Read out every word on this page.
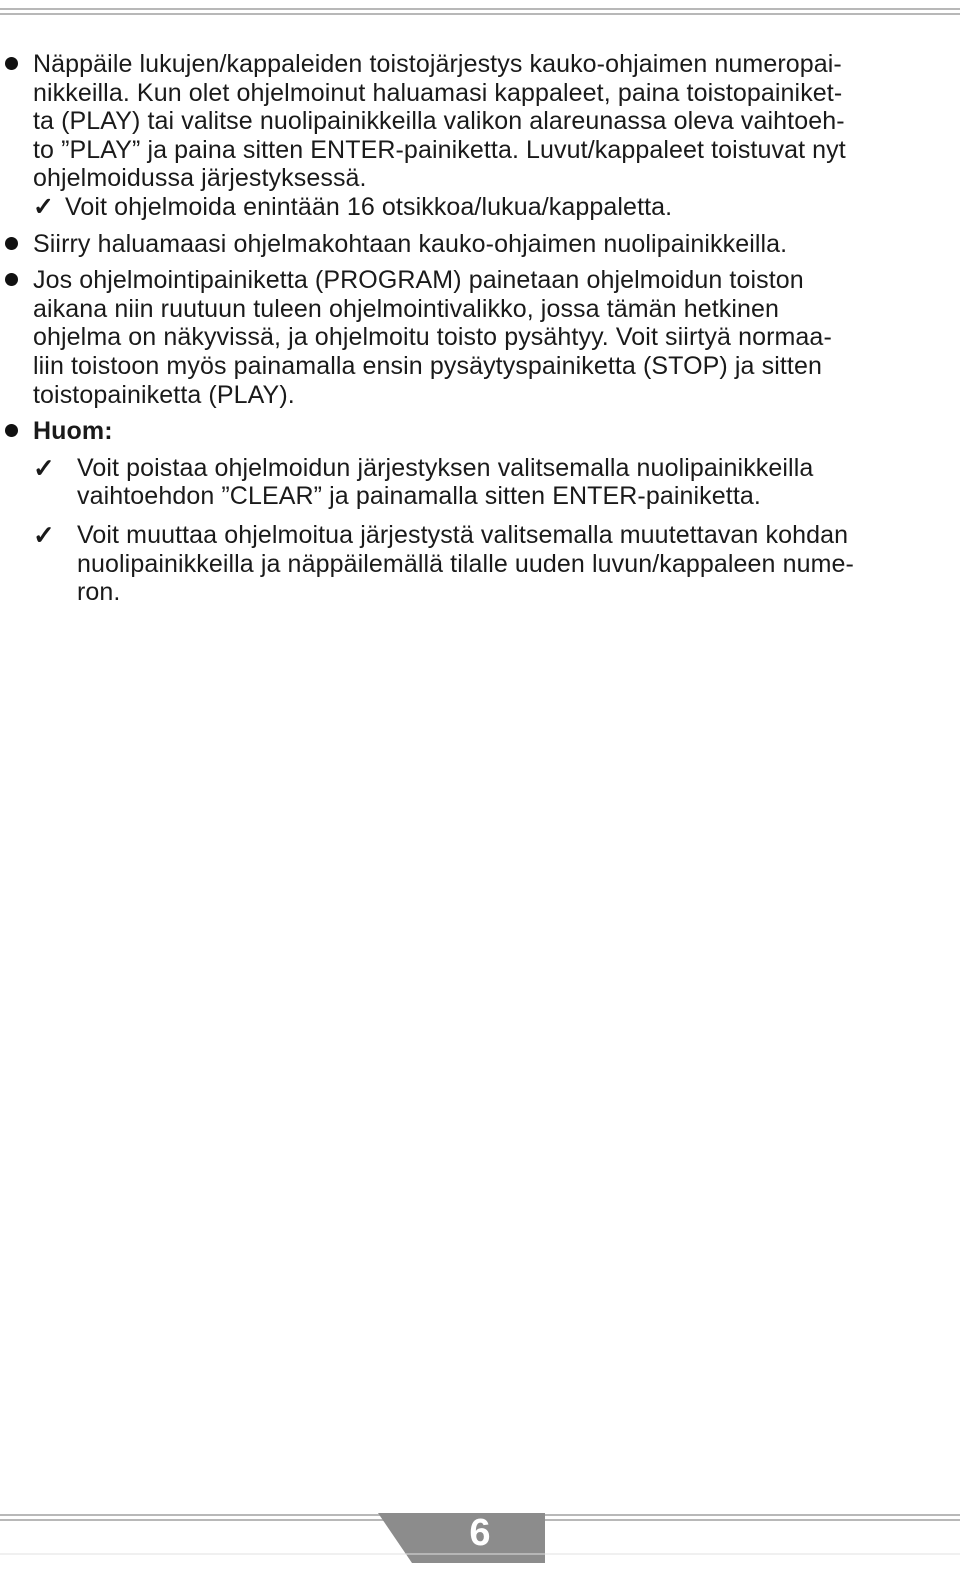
Näppäile lukujen/kappaleiden toistojärjestys kauko-ohjaimen numeropai-
nikkeilla. Kun olet ohjelmoinut haluamasi kappaleet, paina toistopainiket-
ta (PLAY) tai valitse nuolipainikkeilla valikon alareunassa oleva vaihtoeh-
to ”PLAY” ja paina sitten ENTER-painiketta. Luvut/kappaleet toistuvat nyt
ohjelmoidussa järjestyksessä.

✓ Voit ohjelmoida enintään 16 otsikkoa/lukua/kappaletta.

Siirry haluamaasi ohjelmakohtaan kauko-ohjaimen nuolipainikkeilla.

Jos ohjelmointipainiketta (PROGRAM) painetaan ohjelmoidun toiston
aikana niin ruutuun tuleen ohjelmointivalikko, jossa tämän hetkinen
ohjelma on näkyvissä, ja ohjelmoitu toisto pysähtyy. Voit siirtyä normaa-
liin toistoon myös painamalla ensin pysäytyspainiketta (STOP) ja sitten
toistopainiketta (PLAY).

Huom:

✓ Voit poistaa ohjelmoidun järjestyksen valitsemalla nuolipainikkeilla
vaihtoehdon ”CLEAR” ja painamalla sitten ENTER-painiketta.
✓ Voit muuttaa ohjelmoitua järjestystä valitsemalla muutettavan kohdan
nuolipainikkeilla ja näppäilemällä tilalle uuden luvun/kappaleen nume-
ron.
6
